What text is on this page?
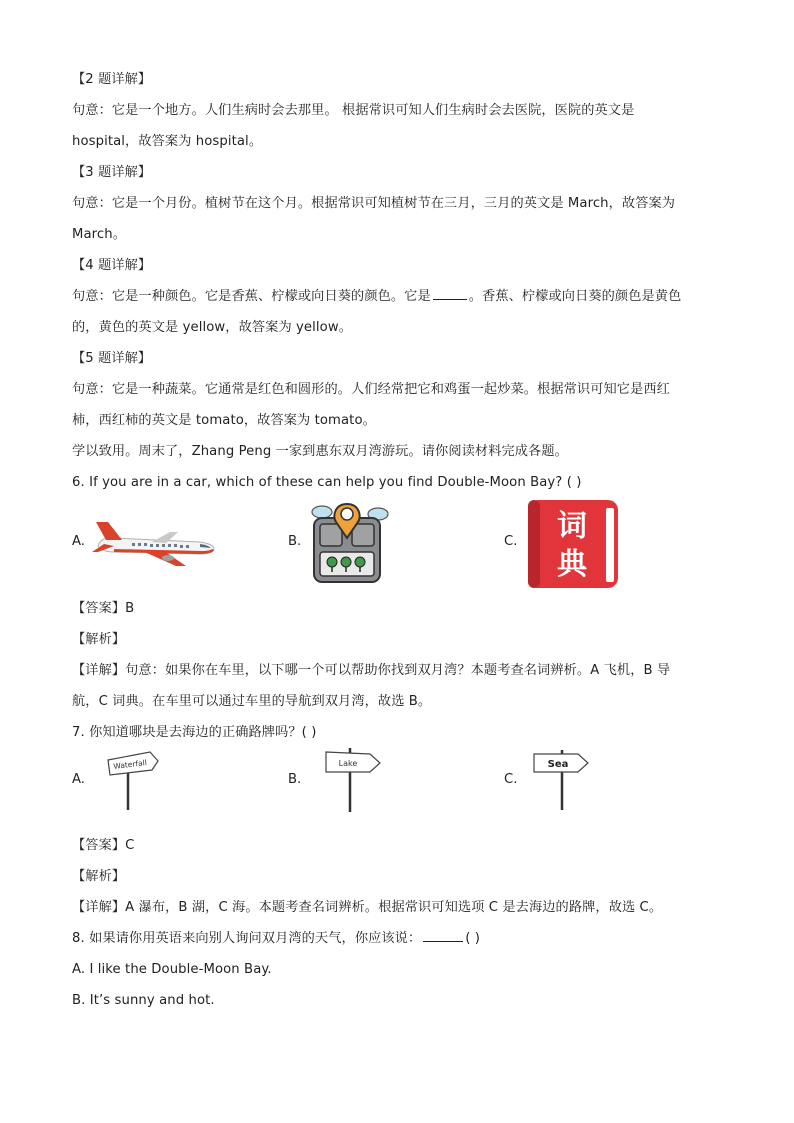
【2 题详解】
句意：它是一个地方。人们生病时会去那里。 根据常识可知人们生病时会去医院，医院的英文是
hospital，故答案为 hospital。
【3 题详解】
句意：它是一个月份。植树节在这个月。根据常识可知植树节在三月，三月的英文是 March，故答案为
March。
【4 题详解】
句意：它是一种颜色。它是香蕉、柠檬或向日葵的颜色。它是	。香蕉、柠檬或向日葵的颜色是黄色
的，黄色的英文是 yellow，故答案为 yellow。
【5 题详解】
句意：它是一种蔬菜。它通常是红色和圆形的。人们经常把它和鸡蛋一起炒菜。根据常识可知它是西红
柿，西红柿的英文是 tomato，故答案为 tomato。
学以致用。周末了，Zhang Peng 一家到惠东双月湾游玩。请你阅读材料完成各题。
6. If you are in a car, which of these can help you find Double-Moon Bay? ( )
A.	B.	C. 词
典
【答案】B
【解析】
【详解】句意：如果你在车里，以下哪一个可以帮助你找到双月湾？本题考查名词辨析。A 飞机，B 导
航，C 词典。在车里可以通过车里的导航到双月湾，故选 B。
7. 你知道哪块是去海边的正确路牌吗？( )
A.
Waterfall
B.
Lake
C.
Sea
【答案】C
【解析】
【详解】A 瀑布，B 湖，C 海。本题考查名词辨析。根据常识可知选项 C 是去海边的路牌，故选 C。
8. 如果请你用英语来向别人询问双月湾的天气，你应该说：	( )
A. I like the Double-Moon Bay.
B. It’s sunny and hot.
